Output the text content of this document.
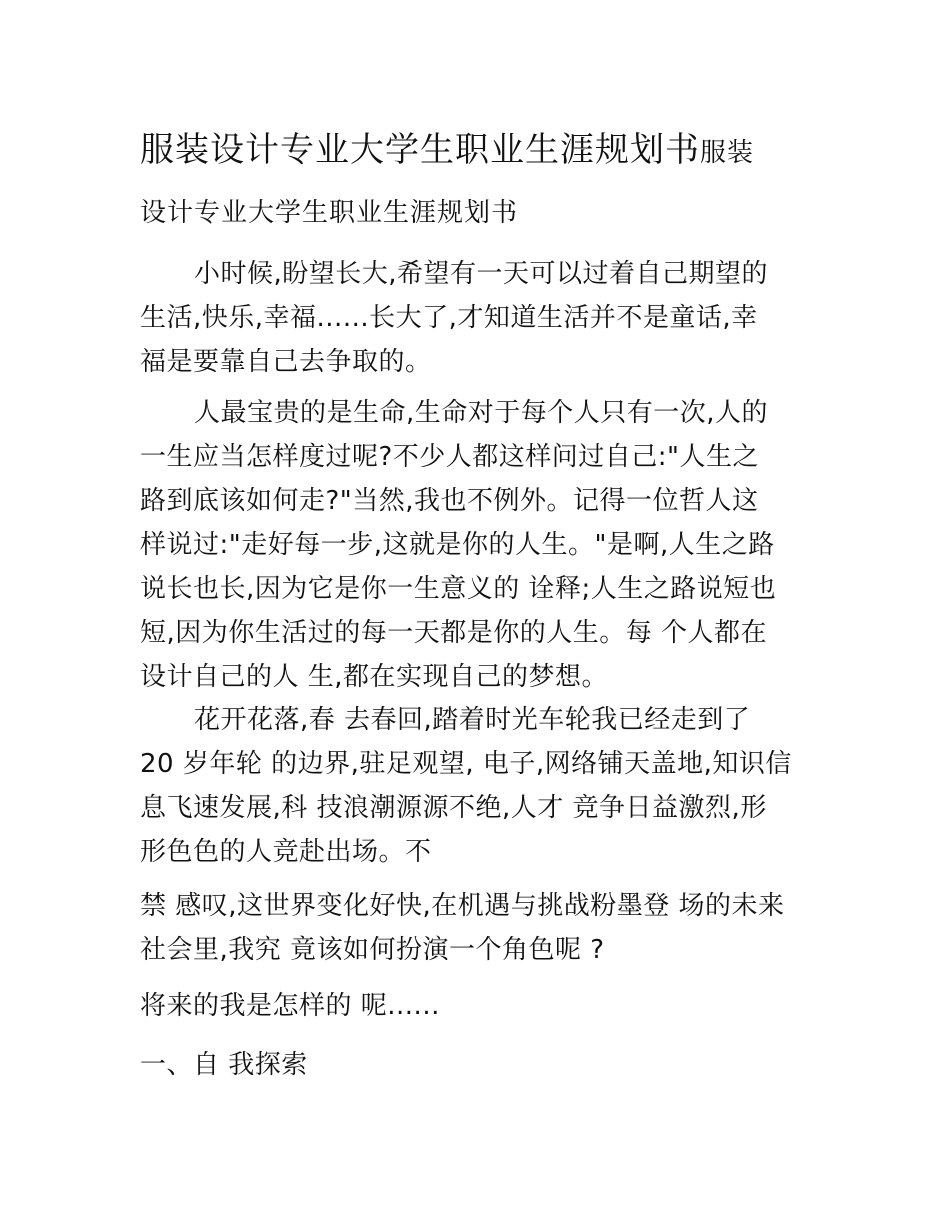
服装设计专业大学生职业生涯规划书服装
设计专业大学生职业生涯规划书
小时候,盼望长大,希望有一天可以过着自己期望的
生活,快乐,幸福......长大了,才知道生活并不是童话,幸
福是要靠自己去争取的。
人最宝贵的是生命,生命对于每个人只有一次,人的
一生应当怎样度过呢?不少人都这样问过自己:"人生之
路到底该如何走?"当然,我也不例外。记得一位哲人这
样说过:"走好每一步,这就是你的人生。"是啊,人生之路
说长也长,因为它是你一生意义的 诠释;人生之路说短也
短,因为你生活过的每一天都是你的人生。每 个人都在
设计自己的人 生,都在实现自己的梦想。
花开花落,春 去春回,踏着时光车轮我已经走到了
20 岁年轮 的边界,驻足观望, 电子,网络铺天盖地,知识信
息飞速发展,科 技浪潮源源不绝,人才 竞争日益激烈,形
形色色的人竞赴出场。不
禁 感叹,这世界变化好快,在机遇与挑战粉墨登 场的未来
社会里,我究 竟该如何扮演一个角色呢 ?
将来的我是怎样的 呢......
一、自 我探索
